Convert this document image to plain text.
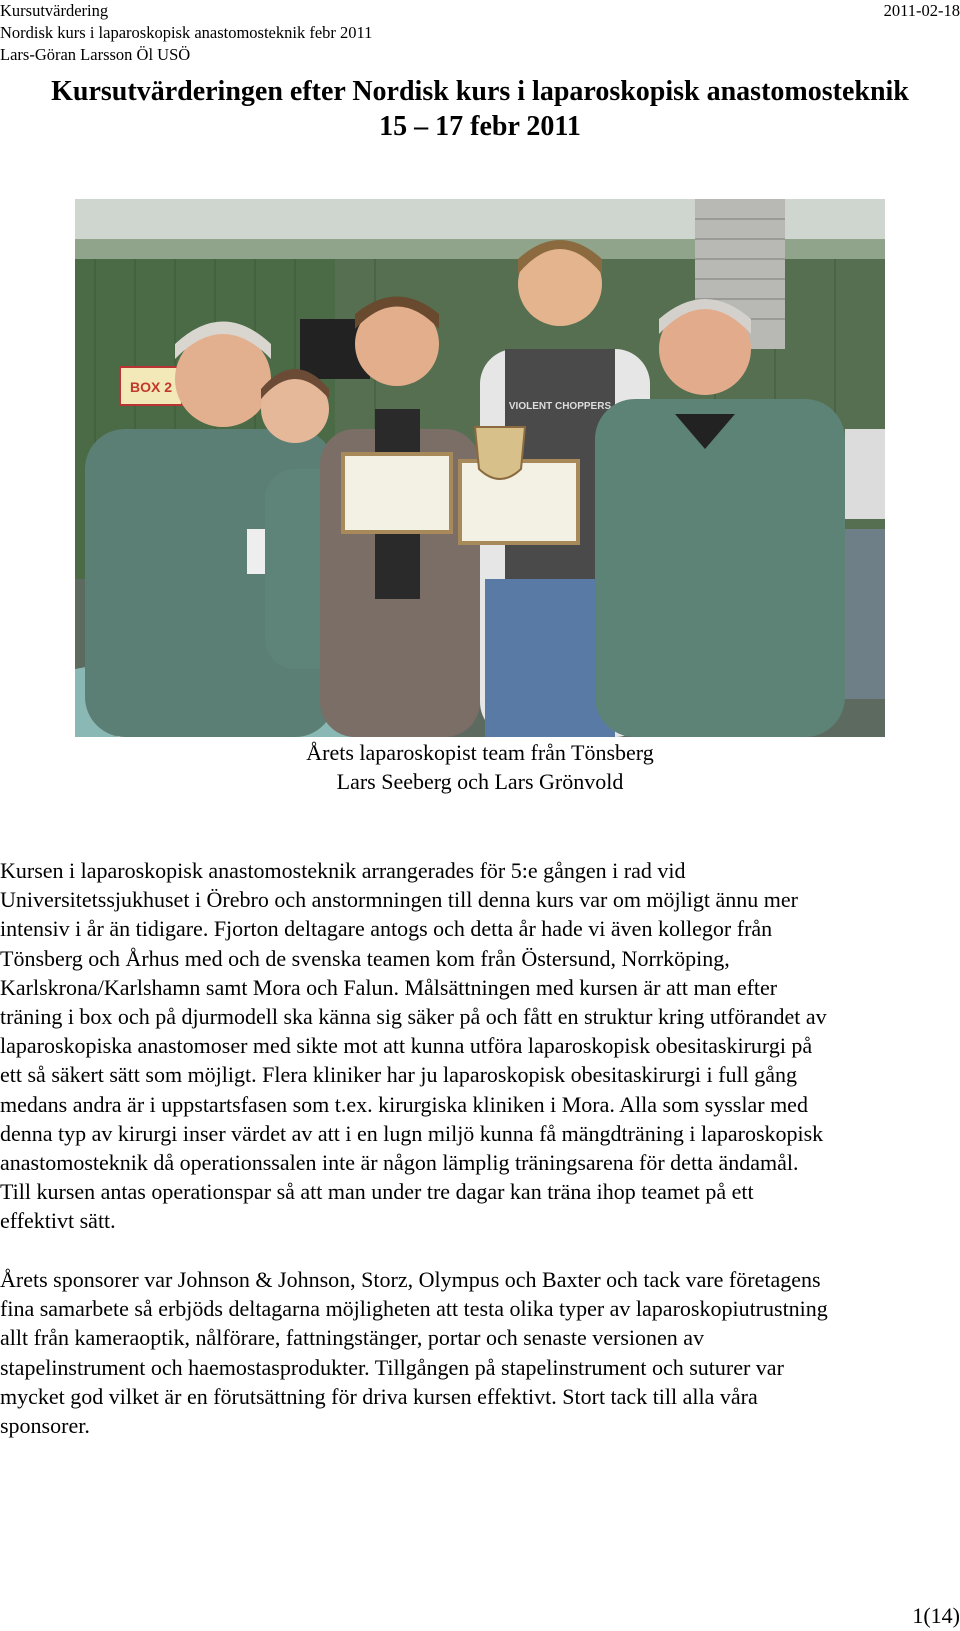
Kursutvärdering
Nordisk kurs i laparoskopisk anastomosteknik febr 2011
Lars-Göran Larsson Öl USÖ
2011-02-18
Kursutvärderingen efter Nordisk kurs i laparoskopisk anastomosteknik
15 – 17 febr 2011
BOX 2
VIOLENT CHOPPERS
Årets laparoskopist team från Tönsberg
Lars Seeberg och Lars Grönvold
Kursen i laparoskopisk anastomosteknik arrangerades för 5:e gången i rad vid
Universitetssjukhuset i Örebro och anstormningen till denna kurs var om möjligt ännu mer
intensiv i år än tidigare. Fjorton deltagare antogs och detta år hade vi även kollegor från
Tönsberg och Århus med och de svenska teamen kom från Östersund, Norrköping,
Karlskrona/Karlshamn samt Mora och Falun. Målsättningen med kursen är att man efter
träning i box och på djurmodell ska känna sig säker på och fått en struktur kring utförandet av
laparoskopiska anastomoser med sikte mot att kunna utföra laparoskopisk obesitaskirurgi på
ett så säkert sätt som möjligt. Flera kliniker har ju laparoskopisk obesitaskirurgi i full gång
medans andra är i uppstartsfasen som t.ex. kirurgiska kliniken i Mora. Alla som sysslar med
denna typ av kirurgi inser värdet av att i en lugn miljö kunna få mängdträning i laparoskopisk
anastomosteknik då operationssalen inte är någon lämplig träningsarena för detta ändamål.
Till kursen antas operationspar så att man under tre dagar kan träna ihop teamet på ett
effektivt sätt.
Årets sponsorer var Johnson & Johnson, Storz, Olympus och Baxter och tack vare företagens
fina samarbete så erbjöds deltagarna möjligheten att testa olika typer av laparoskopiutrustning
allt från kameraoptik, nålförare, fattningstänger, portar och senaste versionen av
stapelinstrument och haemostasprodukter. Tillgången på stapelinstrument och suturer var
mycket god vilket är en förutsättning för driva kursen effektivt. Stort tack till alla våra
sponsorer.
1(14)
